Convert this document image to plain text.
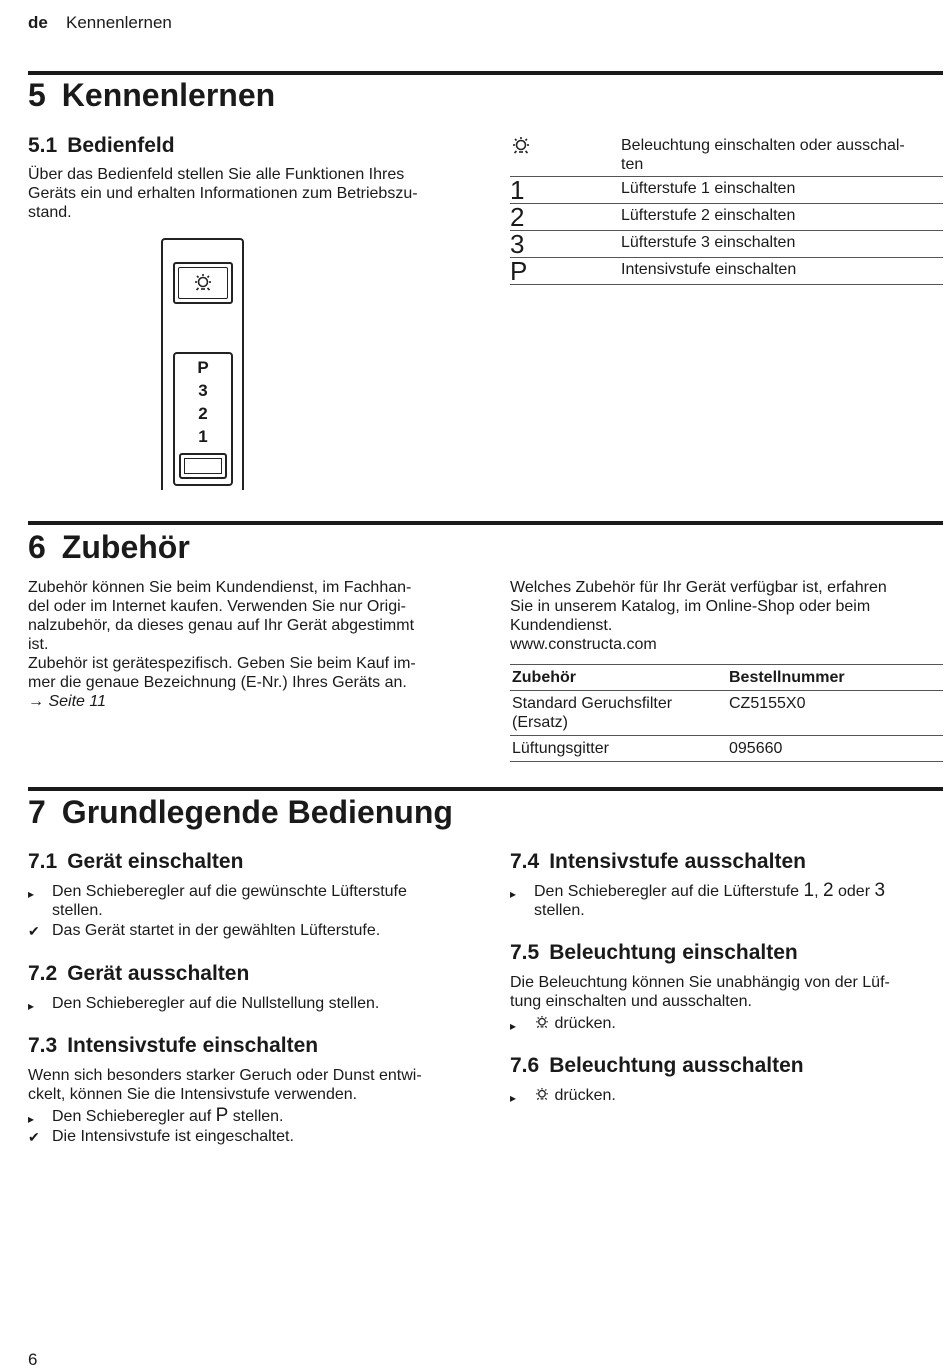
de Kennenlernen
5 Kennenlernen
5.1 Bedienfeld
Über das Bedienfeld stellen Sie alle Funktionen Ihres
Geräts ein und erhalten Informationen zum Betriebszu-
stand.
P
3
2
1

Beleuchtung einschalten oder ausschal-
ten

1	Lüfterstufe 1 einschalten
2	Lüfterstufe 2 einschalten
3	Lüfterstufe 3 einschalten
P	Intensivstufe einschalten
6 Zubehör
Zubehör können Sie beim Kundendienst, im Fachhan-
del oder im Internet kaufen. Verwenden Sie nur Origi-
nalzubehör, da dieses genau auf Ihr Gerät abgestimmt
ist.
Zubehör ist gerätespezifisch. Geben Sie beim Kauf im-
mer die genaue Bezeichnung (E-Nr.) Ihres Geräts an.
→ Seite 11
Welches Zubehör für Ihr Gerät verfügbar ist, erfahren
Sie in unserem Katalog, im Online-Shop oder beim
Kundendienst.
www.constructa.com
Zubehör	Bestellnummer

Standard Geruchsfilter
(Ersatz)	CZ5155X0
Lüftungsgitter	095660
7 Grundlegende Bedienung
7.1 Gerät einschalten
▸	Den Schieberegler auf die gewünschte Lüfterstufe
stellen.
✔ Das Gerät startet in der gewählten Lüfterstufe.
7.2 Gerät ausschalten
▸	Den Schieberegler auf die Nullstellung stellen.
7.3 Intensivstufe einschalten
Wenn sich besonders starker Geruch oder Dunst entwi-
ckelt, können Sie die Intensivstufe verwenden.
▸	Den Schieberegler auf P stellen.
✔ Die Intensivstufe ist eingeschaltet.
7.4 Intensivstufe ausschalten
▸	Den Schieberegler auf die Lüfterstufe 1, 2 oder 3
stellen.
7.5 Beleuchtung einschalten
Die Beleuchtung können Sie unabhängig von der Lüf-
tung einschalten und ausschalten.
▸	drücken.
7.6 Beleuchtung ausschalten
▸	drücken.
6
